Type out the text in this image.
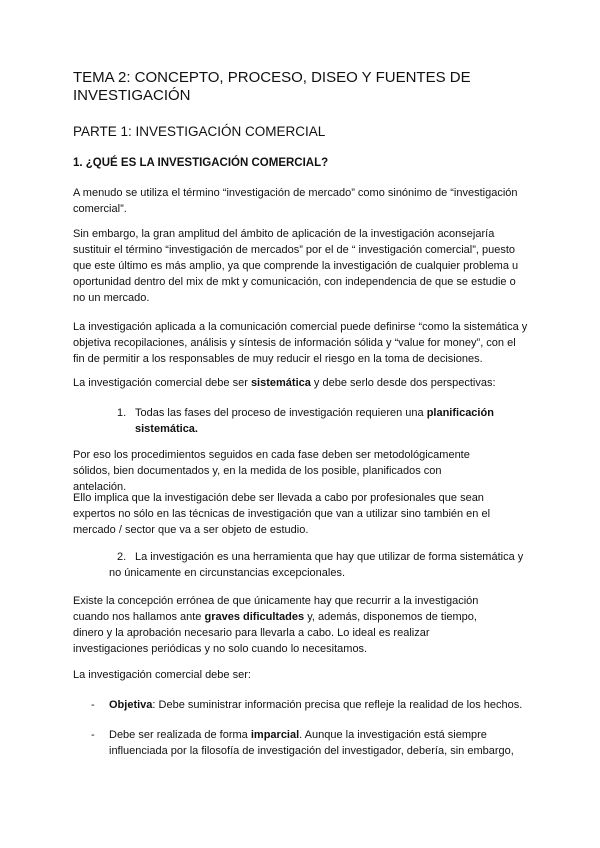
TEMA 2: CONCEPTO, PROCESO, DISEO Y FUENTES DE INVESTIGACIÓN
PARTE 1: INVESTIGACIÓN COMERCIAL
1. ¿QUÉ ES LA INVESTIGACIÓN COMERCIAL?

A menudo se utiliza el término “investigación de mercado” como sinónimo de “investigación comercial”.

Sin embargo, la gran amplitud del ámbito de aplicación de la investigación aconsejaría sustituir el término “investigación de mercados” por el de “ investigación comercial”, puesto que este último es más amplio, ya que comprende la investigación de cualquier problema u oportunidad dentro del mix de mkt y comunicación, con independencia de que se estudie o no un mercado.

La investigación aplicada a la comunicación comercial puede definirse “como la sistemática y objetiva recopilaciones, análisis y síntesis de información sólida y “value for money”, con el fin de permitir a los responsables de muy reducir el riesgo en la toma de decisiones.

La investigación comercial debe ser sistemática y debe serlo desde dos perspectivas:

1. Todas las fases del proceso de investigación requieren una planificación sistemática.

Por eso los procedimientos seguidos en cada fase deben ser metodológicamente sólidos, bien documentados y, en la medida de los posible, planificados con antelación.

Ello implica que la investigación debe ser llevada a cabo por profesionales que sean expertos no sólo en las técnicas de investigación que van a utilizar sino también en el mercado / sector que va a ser objeto de estudio.

2. La investigación es una herramienta que hay que utilizar de forma sistemática y no únicamente en circunstancias excepcionales.

Existe la concepción errónea de que únicamente hay que recurrir a la investigación cuando nos hallamos ante graves dificultades y, además, disponemos de tiempo, dinero y la aprobación necesario para llevarla a cabo. Lo ideal es realizar investigaciones periódicas y no solo cuando lo necesitamos.

La investigación comercial debe ser:

- Objetiva: Debe suministrar información precisa que refleje la realidad de los hechos.

- Debe ser realizada de forma imparcial. Aunque la investigación está siempre influenciada por la filosofía de investigación del investigador, debería, sin embargo,
